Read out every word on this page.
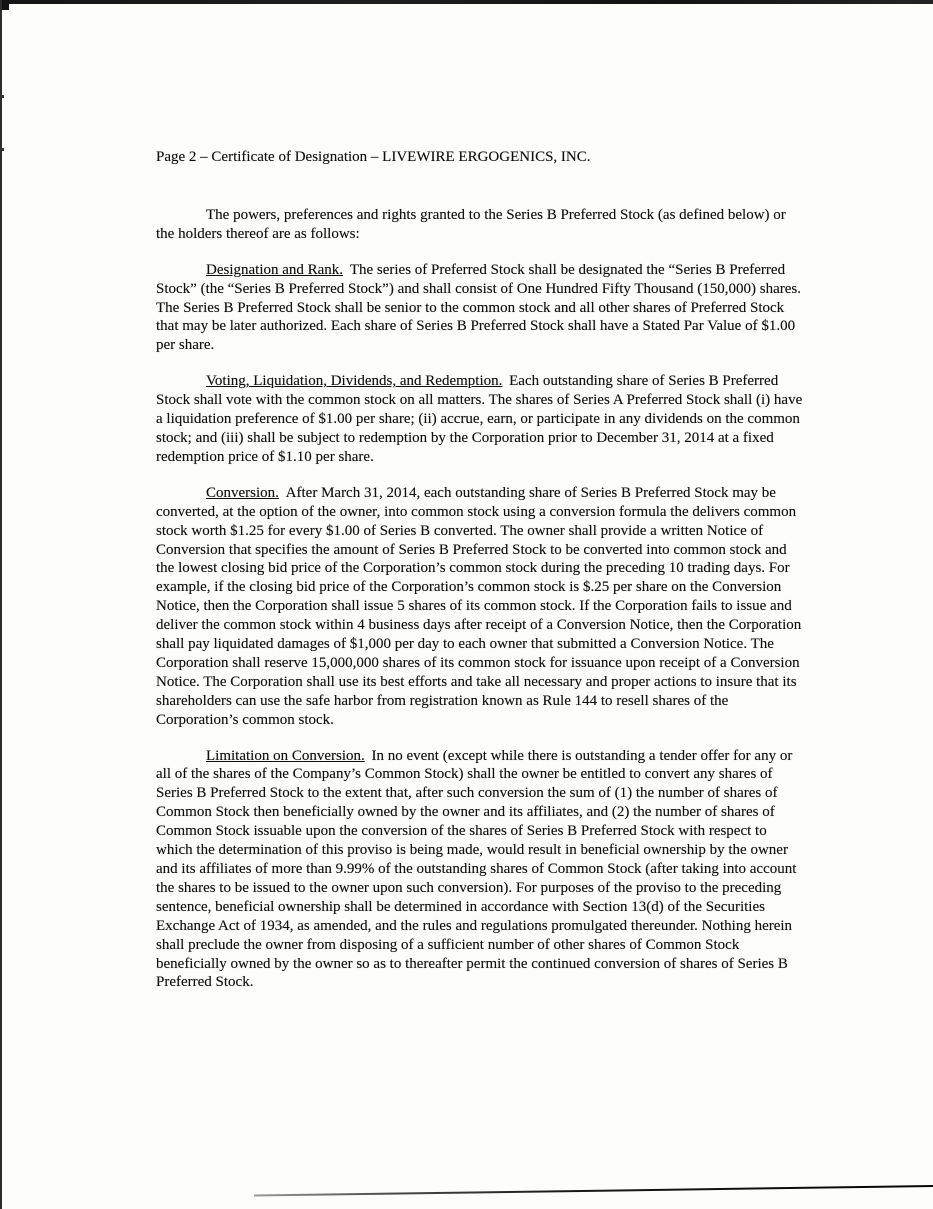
Page 2 – Certificate of Designation – LIVEWIRE ERGOGENICS, INC.

The powers, preferences and rights granted to the Series B Preferred Stock (as defined below) or the holders thereof are as follows:

Designation and Rank. The series of Preferred Stock shall be designated the “Series B Preferred Stock” (the “Series B Preferred Stock”) and shall consist of One Hundred Fifty Thousand (150,000) shares. The Series B Preferred Stock shall be senior to the common stock and all other shares of Preferred Stock that may be later authorized. Each share of Series B Preferred Stock shall have a Stated Par Value of $1.00 per share.

Voting, Liquidation, Dividends, and Redemption. Each outstanding share of Series B Preferred Stock shall vote with the common stock on all matters. The shares of Series A Preferred Stock shall (i) have a liquidation preference of $1.00 per share; (ii) accrue, earn, or participate in any dividends on the common stock; and (iii) shall be subject to redemption by the Corporation prior to December 31, 2014 at a fixed redemption price of $1.10 per share.

Conversion. After March 31, 2014, each outstanding share of Series B Preferred Stock may be converted, at the option of the owner, into common stock using a conversion formula the delivers common stock worth $1.25 for every $1.00 of Series B converted. The owner shall provide a written Notice of Conversion that specifies the amount of Series B Preferred Stock to be converted into common stock and the lowest closing bid price of the Corporation’s common stock during the preceding 10 trading days. For example, if the closing bid price of the Corporation’s common stock is $.25 per share on the Conversion Notice, then the Corporation shall issue 5 shares of its common stock. If the Corporation fails to issue and deliver the common stock within 4 business days after receipt of a Conversion Notice, then the Corporation shall pay liquidated damages of $1,000 per day to each owner that submitted a Conversion Notice. The Corporation shall reserve 15,000,000 shares of its common stock for issuance upon receipt of a Conversion Notice. The Corporation shall use its best efforts and take all necessary and proper actions to insure that its shareholders can use the safe harbor from registration known as Rule 144 to resell shares of the Corporation’s common stock.

Limitation on Conversion. In no event (except while there is outstanding a tender offer for any or all of the shares of the Company’s Common Stock) shall the owner be entitled to convert any shares of Series B Preferred Stock to the extent that, after such conversion the sum of (1) the number of shares of Common Stock then beneficially owned by the owner and its affiliates, and (2) the number of shares of Common Stock issuable upon the conversion of the shares of Series B Preferred Stock with respect to which the determination of this proviso is being made, would result in beneficial ownership by the owner and its affiliates of more than 9.99% of the outstanding shares of Common Stock (after taking into account the shares to be issued to the owner upon such conversion). For purposes of the proviso to the preceding sentence, beneficial ownership shall be determined in accordance with Section 13(d) of the Securities Exchange Act of 1934, as amended, and the rules and regulations promulgated thereunder. Nothing herein shall preclude the owner from disposing of a sufficient number of other shares of Common Stock beneficially owned by the owner so as to thereafter permit the continued conversion of shares of Series B Preferred Stock.
